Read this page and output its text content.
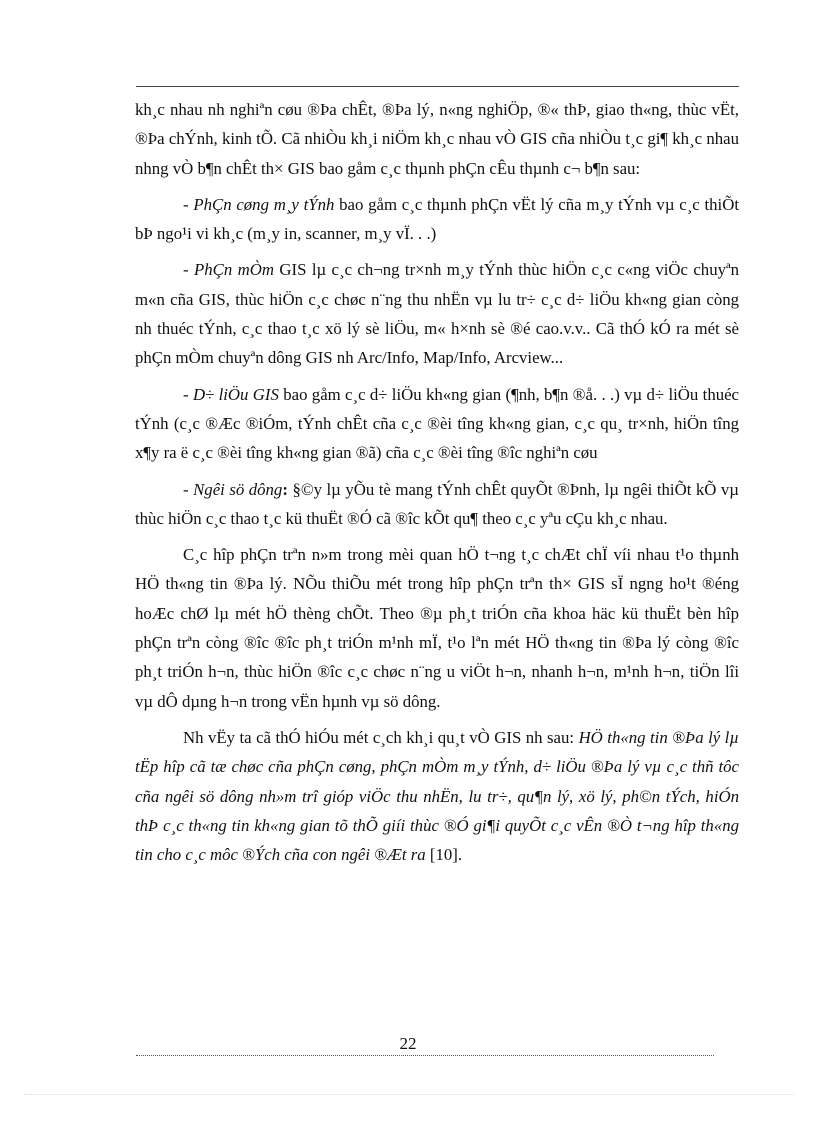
kh¸c nhau nh nghiªn cøu ®Þa chÊt, ®Þa lý, n«ng nghiÖp, ®« thÞ, giao th«ng, thùc vËt, ®Þa chÝnh, kinh tÕ. Cã nhiÒu kh¸i niÖm kh¸c nhau vÒ GIS cña nhiÒu t¸c gi¶ kh¸c nhau nhng vÒ b¶n chÊt th× GIS bao gåm c¸c thµnh phÇn cÊu thµnh c¬ b¶n sau:

- PhÇn cøng m¸y tÝnh bao gåm c¸c thµnh phÇn vËt lý cña m¸y tÝnh vµ c¸c thiÕt bÞ ngo¹i vi kh¸c (m¸y in, scanner, m¸y vÏ. . .)

- PhÇn mÒm GIS lµ c¸c ch¬ng tr×nh m¸y tÝnh thùc hiÖn c¸c c«ng viÖc chuyªn m«n cña GIS, thùc hiÖn c¸c chøc n¨ng thu nhËn vµ lu tr÷ c¸c d÷ liÖu kh«ng gian còng nh thuéc tÝnh, c¸c thao t¸c xö lý sè liÖu, m« h×nh sè ®é cao.v.v.. Cã thÓ kÓ ra mét sè phÇn mÒm chuyªn dông GIS nh Arc/Info, Map/Info, Arcview...

- D÷ liÖu GIS bao gåm c¸c d÷ liÖu kh«ng gian (¶nh, b¶n ®å. . .) vµ d÷ liÖu thuéc tÝnh (c¸c ®Æc ®iÓm, tÝnh chÊt cña c¸c ®èi tîng kh«ng gian, c¸c qu¸ tr×nh, hiÖn tîng x¶y ra ë c¸c ®èi tîng kh«ng gian ®ã) cña c¸c ®èi tîng ®îc nghiªn cøu

- Ngêi sö dông: §©y lµ yÕu tè mang tÝnh chÊt quyÕt ®Þnh, lµ ngêi thiÕt kÕ vµ thùc hiÖn c¸c thao t¸c kü thuËt ®Ó cã ®îc kÕt qu¶ theo c¸c yªu cÇu kh¸c nhau.

C¸c hîp phÇn trªn n»m trong mèi quan hÖ t¬ng t¸c chÆt chÏ víi nhau t¹o thµnh HÖ th«ng tin ®Þa lý. NÕu thiÕu mét trong hîp phÇn trªn th× GIS sÏ ngng ho¹t ®éng hoÆc chØ lµ mét hÖ thèng chÕt. Theo ®µ ph¸t triÓn cña khoa häc kü thuËt bèn hîp phÇn trªn còng ®îc ®îc ph¸t triÓn m¹nh mÏ, t¹o lªn mét HÖ th«ng tin ®Þa lý còng ®îc ph¸t triÓn h¬n, thùc hiÖn ®îc c¸c chøc n¨ng u viÖt h¬n, nhanh h¬n, m¹nh h¬n, tiÖn lîi vµ dÔ dµng h¬n trong vËn hµnh vµ sö dông.

Nh vËy ta cã thÓ hiÓu mét c¸ch kh¸i qu¸t vÒ GIS nh sau: HÖ th«ng tin ®Þa lý lµ tËp hîp cã tæ chøc cña phÇn cøng, phÇn mÒm m¸y tÝnh, d÷ liÖu ®Þa lý vµ c¸c thñ tôc cña ngêi sö dông nh»m trî gióp viÖc thu nhËn, lu tr÷, qu¶n lý, xö lý, ph©n tÝch, hiÓn thÞ c¸c th«ng tin kh«ng gian tõ thÕ giíi thùc ®Ó gi¶i quyÕt c¸c vÊn ®Ò t¬ng hîp th«ng tin cho c¸c môc ®Ých cña con ngêi ®Æt ra [10].

22
